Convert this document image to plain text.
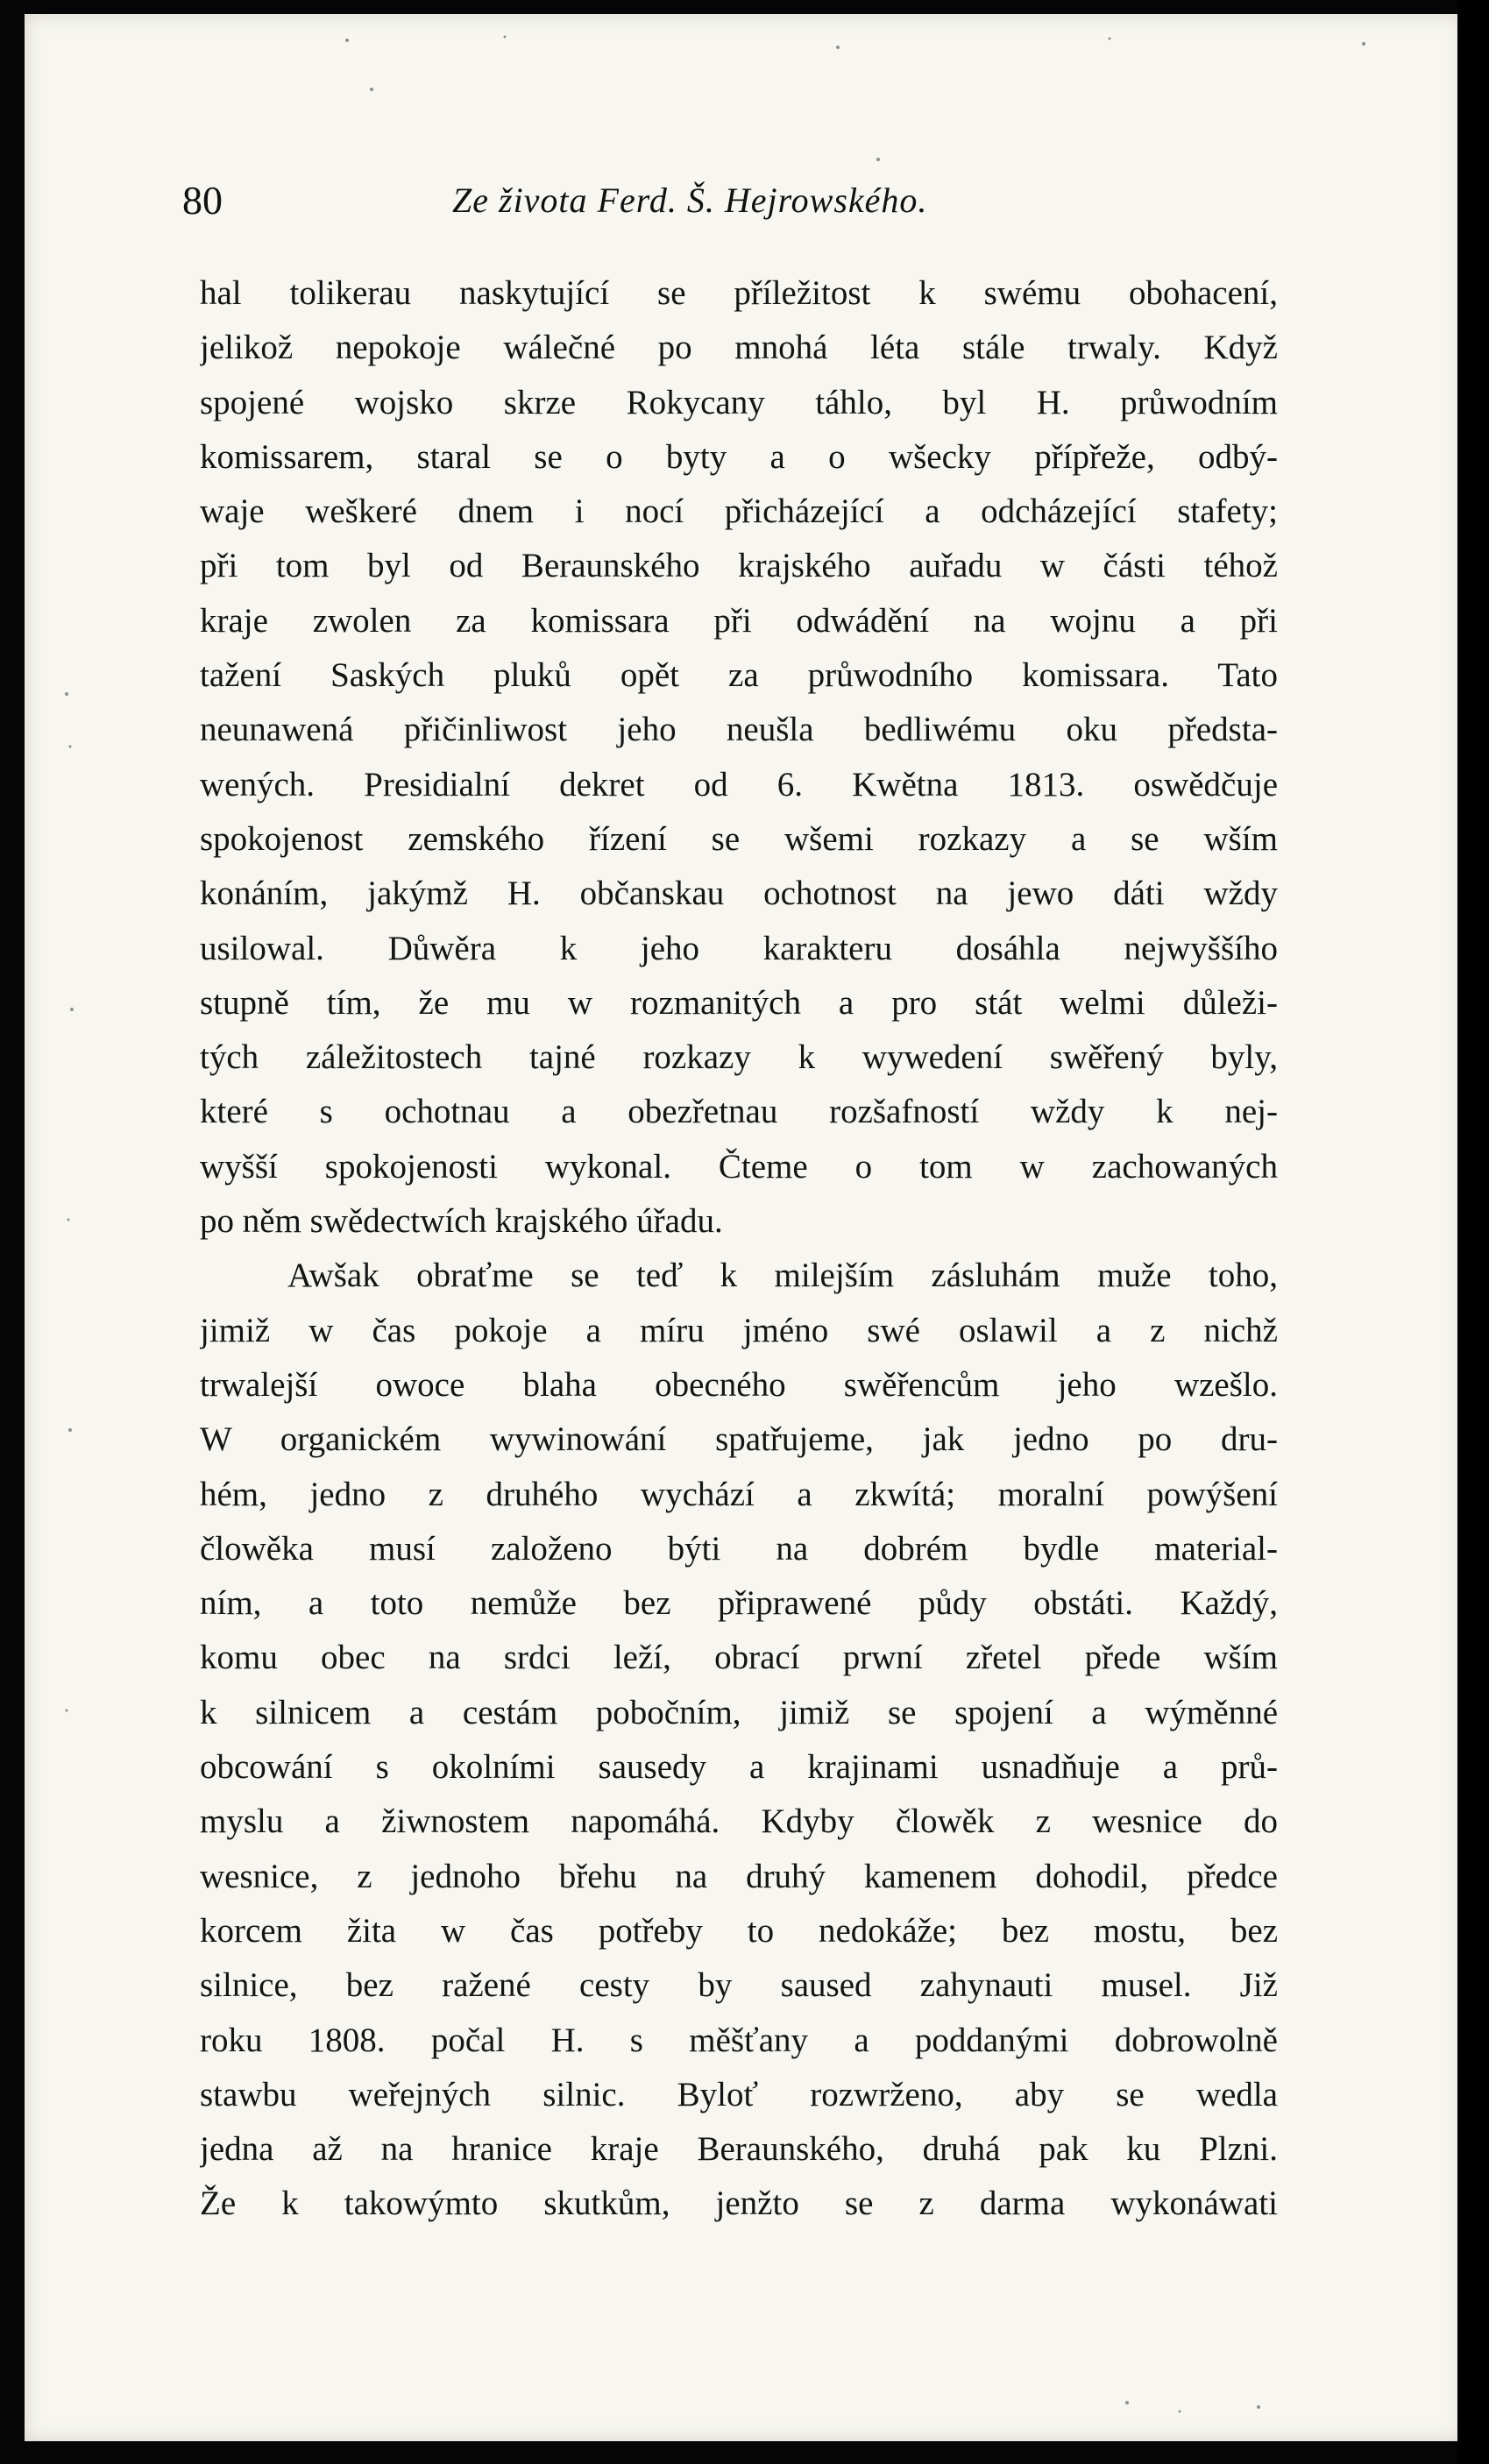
80	Ze života Ferd. Š. Hejrowského.
hal tolikerau naskytující se příležitost k swému obohacení,
jelikož nepokoje wálečné po mnohá léta stále trwaly. Když
spojené wojsko skrze Rokycany táhlo, byl H. průwodním
komissarem, staral se o byty a o wšecky přípřeže, odbý-
waje weškeré dnem i nocí přicházející a odcházející stafety;
při tom byl od Beraunského krajského auřadu w části téhož
kraje zwolen za komissara při odwádění na wojnu a při
tažení Saských pluků opět za průwodního komissara. Tato
neunawená přičinliwost jeho neušla bedliwému oku předsta-
wených. Presidialní dekret od 6. Kwětna 1813. oswědčuje
spokojenost zemského řízení se wšemi rozkazy a se wším
konáním, jakýmž H. občanskau ochotnost na jewo dáti wždy
usilowal. Důwěra k jeho karakteru dosáhla nejwyššího
stupně tím, že mu w rozmanitých a pro stát welmi důleži-
tých záležitostech tajné rozkazy k wywedení swěřený byly,
které s ochotnau a obezřetnau rozšafností wždy k nej-
wyšší spokojenosti wykonal. Čteme o tom w zachowaných
po něm swědectwích krajského úřadu.
Awšak obraťme se teď k milejším zásluhám muže toho,
jimiž w čas pokoje a míru jméno swé oslawil a z nichž
trwalejší owoce blaha obecného swěřencům jeho wzešlo.
W organickém wywinowání spatřujeme, jak jedno po dru-
hém, jedno z druhého wychází a zkwítá; moralní powýšení
člowěka musí založeno býti na dobrém bydle material-
ním, a toto nemůže bez připrawené půdy obstáti. Každý,
komu obec na srdci leží, obrací prwní zřetel přede wším
k silnicem a cestám pobočním, jimiž se spojení a wýměnné
obcowání s okolními sausedy a krajinami usnadňuje a prů-
myslu a žiwnostem napomáhá. Kdyby člowěk z wesnice do
wesnice, z jednoho břehu na druhý kamenem dohodil, předce
korcem žita w čas potřeby to nedokáže; bez mostu, bez
silnice, bez ražené cesty by saused zahynauti musel. Již
roku 1808. počal H. s měšťany a poddanými dobrowolně
stawbu weřejných silnic. Byloť rozwrženo, aby se wedla
jedna až na hranice kraje Beraunského, druhá pak ku Plzni.
Že k takowýmto skutkům, jenžto se z darma wykonáwati
